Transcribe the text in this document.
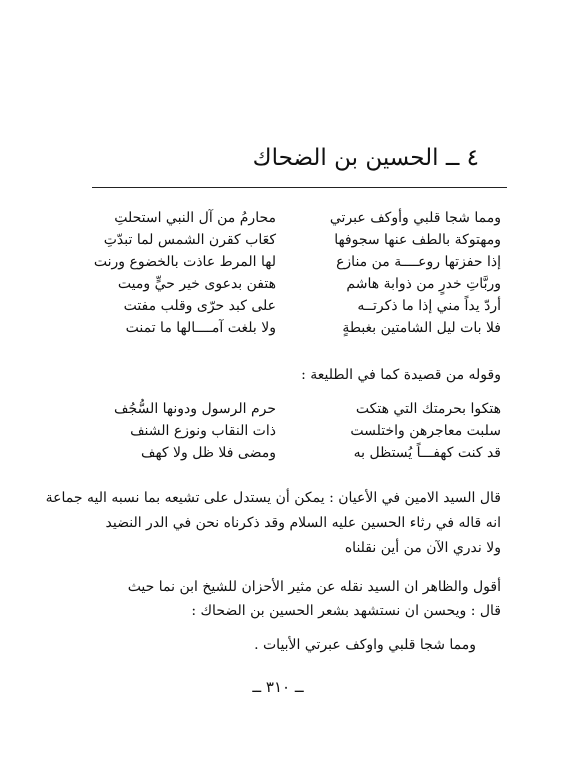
٤ ــ الحسين بن الضحاك
ومما شجا قلبي وأوكف عبرتي
محارمُ من آل النبي استحلتِ
ومهتوكة بالطف عنها سجوفها
كعَاب كقرن الشمس لما تبدّتِ
إذا حفزتها روعــــة من منازع
لها المرط عاذت بالخضوع ورنت
وربَّاتِ خدرٍ من ذوابة هاشم
هتفن بدعوى خير حيٍّ وميت
أردّ يداً مني إذا ما ذكرتــه
على كبد حرّى وقلب مفتت
فلا بات ليل الشامتين بغبطةٍ
ولا بلغت آمــــالها ما تمنت
وقوله من قصيدة كما في الطليعة :
هتكوا بحرمتك التي هتكت
حرم الرسول ودونها السُّجُف
سلبت معاجرهن واختلست
ذات النقاب ونوزع الشنف
قد كنت كهفـــاً يُستظل به
ومضى فلا ظل ولا كهف
قال السيد الامين في الأعيان : يمكن أن يستدل على تشيعه بما نسبه اليه جماعة
انه قاله في رثاء الحسين عليه السلام وقد ذكرناه نحن في الدر النضيد
ولا ندري الآن من أين نقلناه
أقول والظاهر ان السيد نقله عن مثير الأحزان للشيخ ابن نما حيث
قال : ويحسن ان نستشهد بشعر الحسين بن الضحاك :
ومما شجا قلبي واوكف عبرتي الأبيات .
ــ ٣١٠ ــ
